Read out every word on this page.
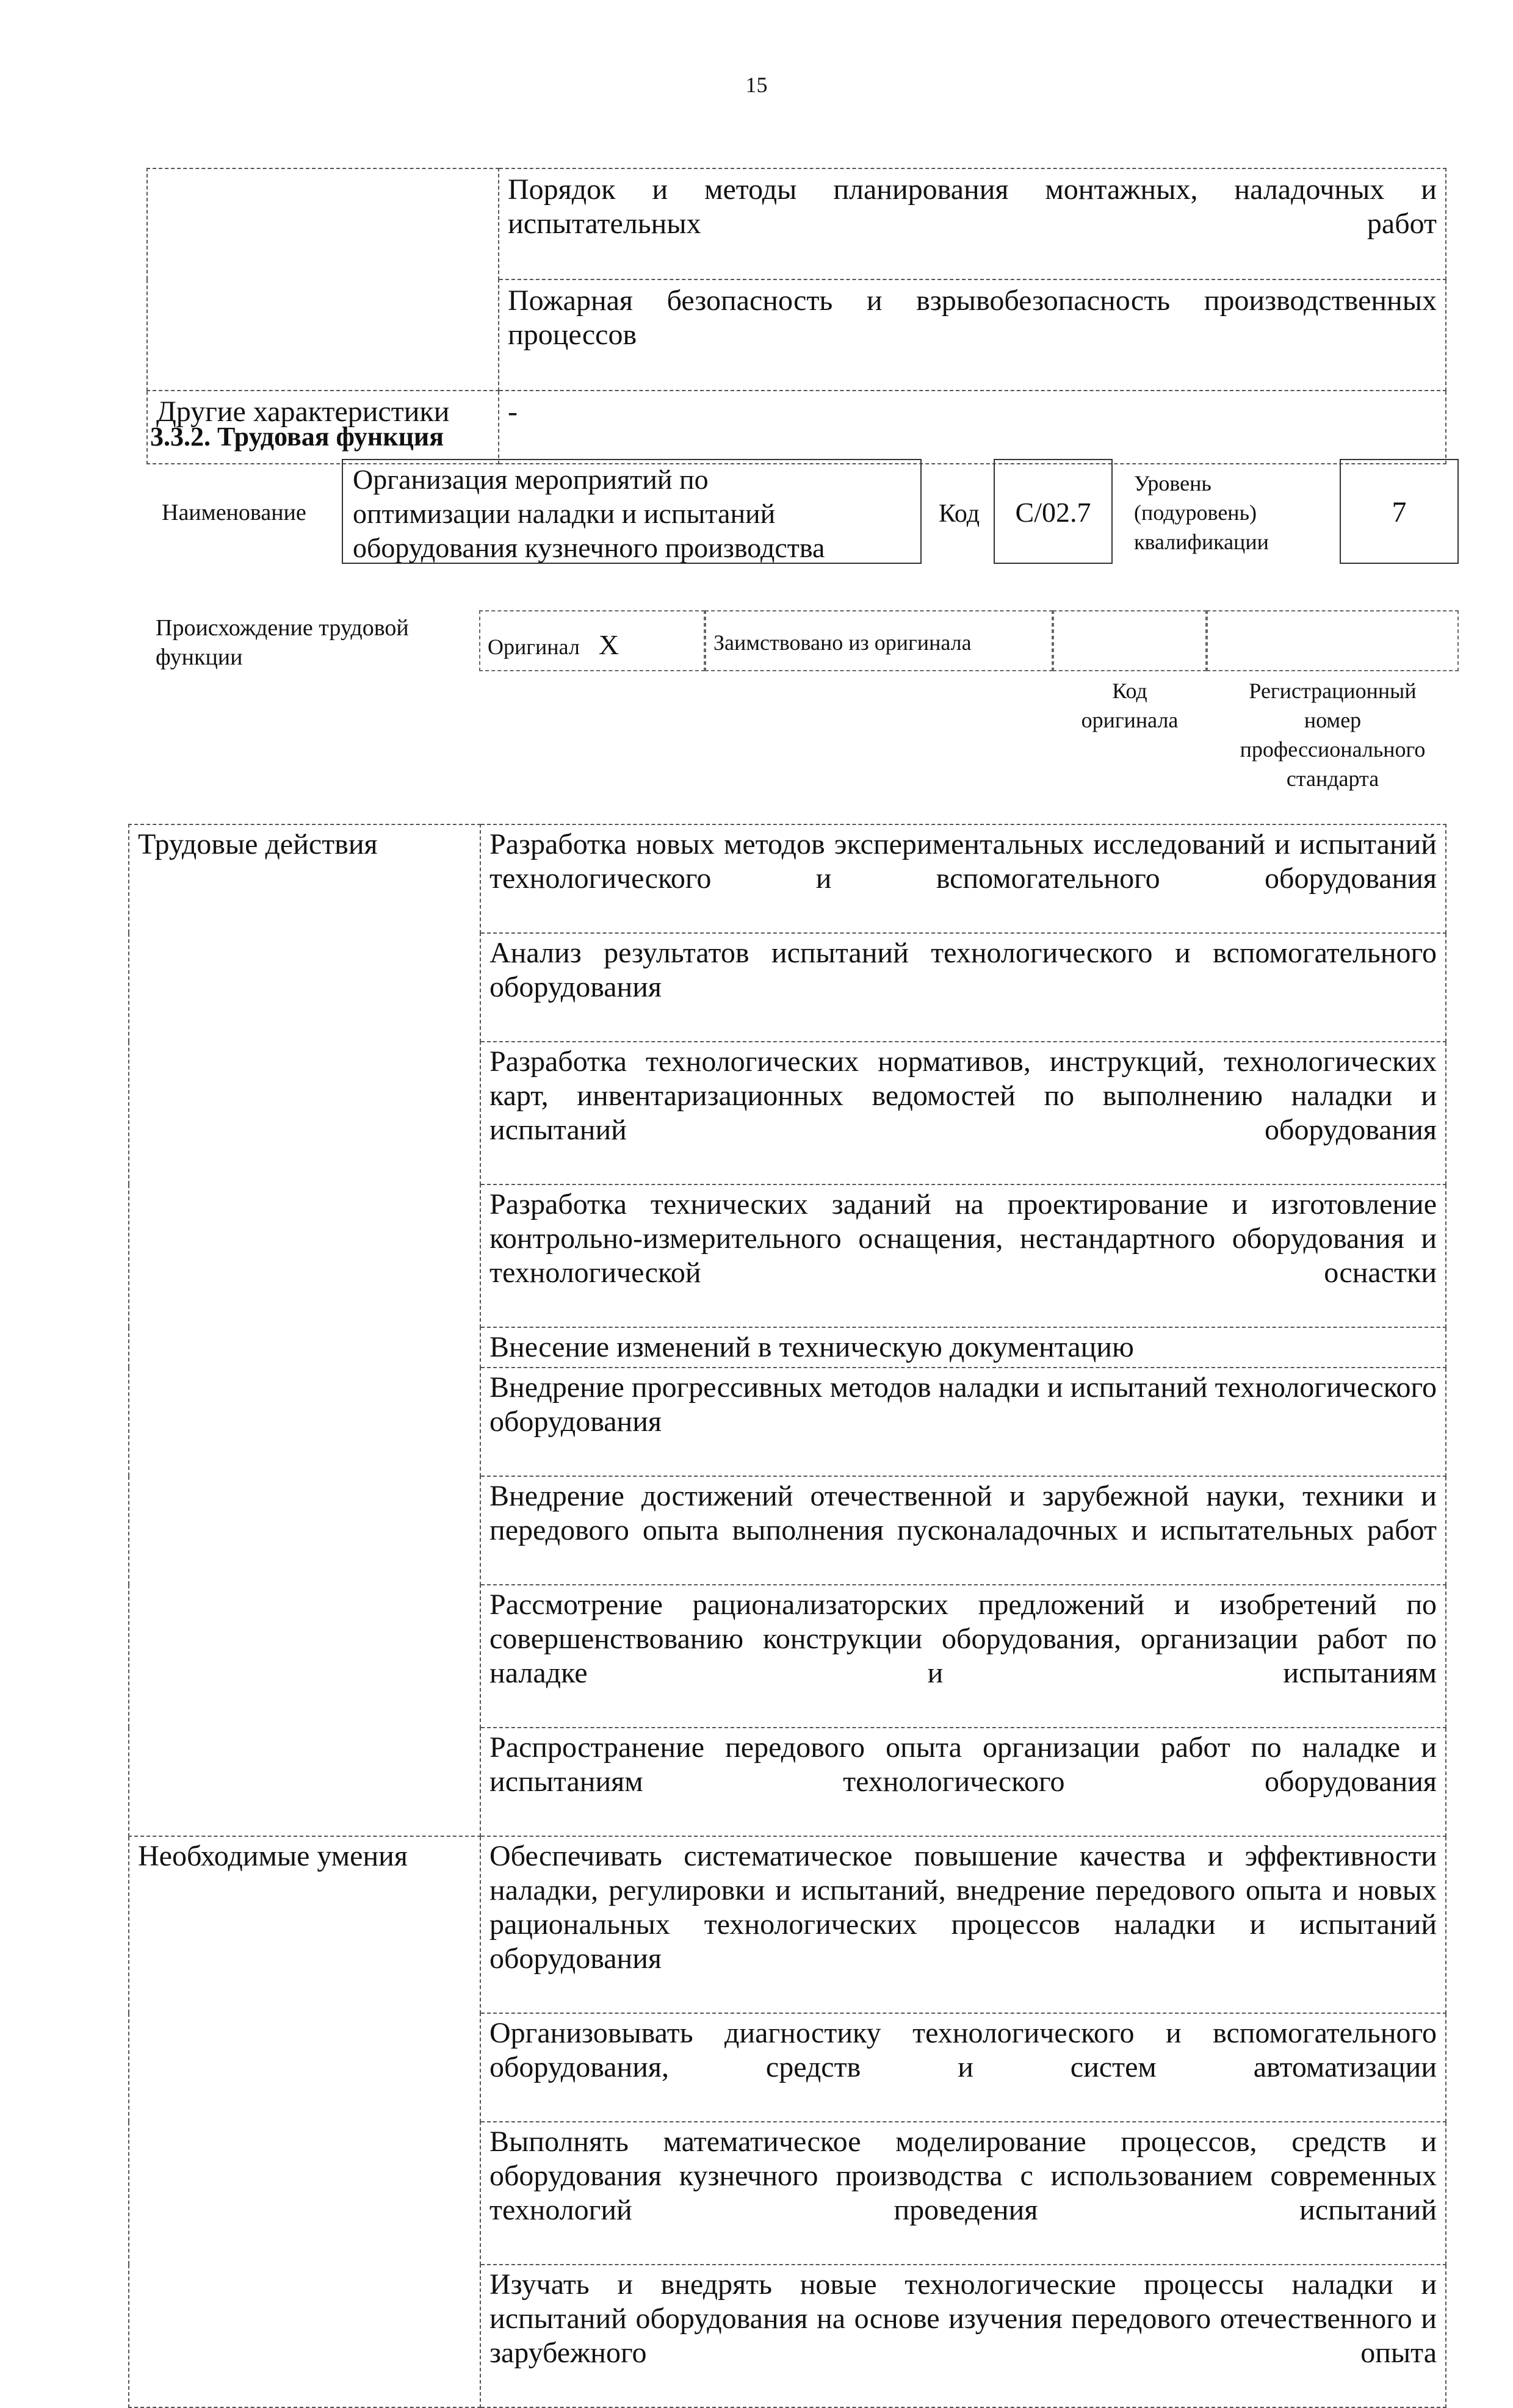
15

	Порядок и методы планирования монтажных, наладочных и испытательных работ

	Пожарная безопасность и взрывобезопасность производственных процессов

Другие характеристики	-
3.3.2. Трудовая функция
Наименование
Организация мероприятий по
оптимизации наладки и испытаний
оборудования кузнечного производства
Код	С/02.7
Уровень
(подуровень)
квалификации
7
Происхождение трудовой
функции	Оригинал X	Заимствовано из оригинала
Код
оригинала
Регистрационный
номер
профессионального
стандарта
Трудовые действия	Разработка новых методов экспериментальных исследований и испытаний технологического и вспомогательного оборудования

	Анализ результатов испытаний технологического и вспомогательного оборудования

	Разработка технологических нормативов, инструкций, технологических карт, инвентаризационных ведомостей по выполнению наладки и испытаний оборудования

	Разработка технических заданий на проектирование и изготовление контрольно-измерительного оснащения, нестандартного оборудования и технологической оснастки

	Внесение изменений в техническую документацию

	Внедрение прогрессивных методов наладки и испытаний технологического оборудования

	Внедрение достижений отечественной и зарубежной науки, техники и передового опыта выполнения пусконаладочных и испытательных работ

	Рассмотрение рационализаторских предложений и изобретений по совершенствованию конструкции оборудования, организации работ по наладке и испытаниям

	Распространение передового опыта организации работ по наладке и испытаниям технологического оборудования

Необходимые умения	Обеспечивать систематическое повышение качества и эффективности наладки, регулировки и испытаний, внедрение передового опыта и новых рациональных технологических процессов наладки и испытаний оборудования

	Организовывать диагностику технологического и вспомогательного оборудования, средств и систем автоматизации

	Выполнять математическое моделирование процессов, средств и оборудования кузнечного производства с использованием современных технологий проведения испытаний

	Изучать и внедрять новые технологические процессы наладки и испытаний оборудования на основе изучения передового отечественного и зарубежного опыта
